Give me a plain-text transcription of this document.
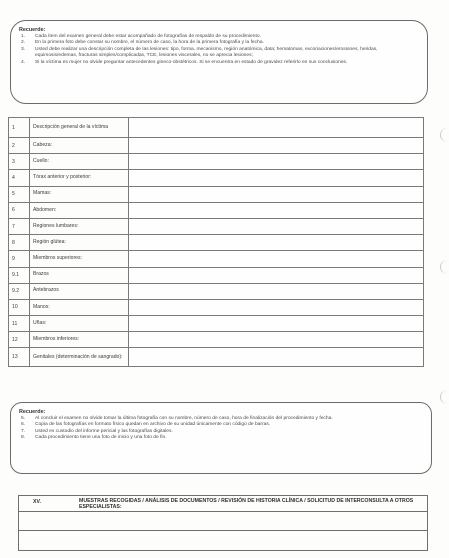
Recuerde:
1.	Cada ítem del examen general debe estar acompañado de fotografías de respaldo de su procedimiento.
2.	En la primera foto debe constar su nombre, el número de caso, la hora de la primera fotografía y la fecha.
3.	Usted debe realizar una descripción completa de las lesiones: tipo, forma, mecanismo, región anatómica, data; hematomas, excoriaciones/erosiones, heridas, equimosis/edemas, fracturas simples/complicadas, TCE, lesiones viscerales, no se aprecia lesiones;
4.	Si la víctima es mujer no olvide preguntar antecedentes gineco-obstétricos. Si se encuentra en estado de gravidez referirlo en sus conclusiones.
1	Descripción general de la víctima	
2	Cabeza:	
3	Cuello:	
4	Tórax anterior y posterior:	
5	Mamas:	
6	Abdomen:	
7	Regiones lumbares:	
8	Región glútea:	
9	Miembros superiores:	
9.1	Brazos	
9.2	Antebrazos	
10	Manos:	
11	Uñas:	
12	Miembros inferiores:	
13	Genitales (determinación de sangrado):	
Recuerde:
5.	Al concluir el examen no olvide tomar la última fotografía con su nombre, número de caso, hora de finalización del procedimiento y fecha.
6.	Copia de las fotografías en formato físico quedan en archivo de su unidad únicamente con código de barras.
7.	Usted es custodio del informe pericial y las fotografías digitales.
8.	Cada procedimiento tiene una foto de inicio y una foto de fin.
XV.	MUESTRAS RECOGIDAS / ANÁLISIS DE DOCUMENTOS / REVISIÓN DE HISTORIA CLÍNICA / SOLICITUD DE INTERCONSULTA A OTROS ESPECIALISTAS:
